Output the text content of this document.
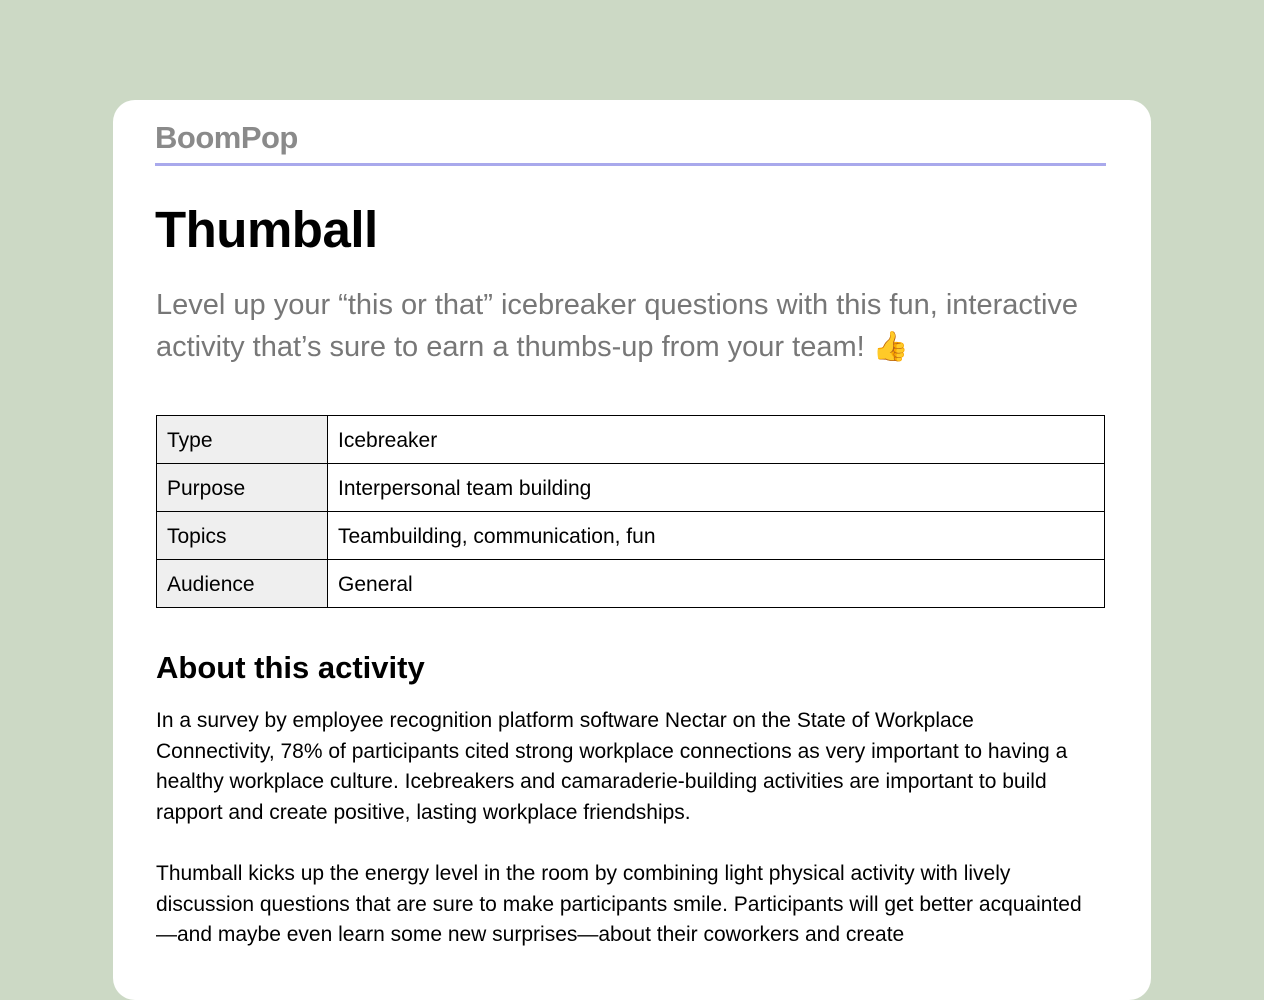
BoomPop
Thumball

Level up your “this or that” icebreaker questions with this fun, interactive activity that’s sure to earn a thumbs-up from your team! 👍

Type	Icebreaker
Purpose	Interpersonal team building
Topics	Teambuilding, communication, fun
Audience	General
About this activity

In a survey by employee recognition platform software Nectar on the State of Workplace Connectivity, 78% of participants cited strong workplace connections as very important to having a healthy workplace culture. Icebreakers and camaraderie-building activities are important to build rapport and create positive, lasting workplace friendships.

Thumball kicks up the energy level in the room by combining light physical activity with lively discussion questions that are sure to make participants smile. Participants will get better acquainted—and maybe even learn some new surprises—about their coworkers and create
